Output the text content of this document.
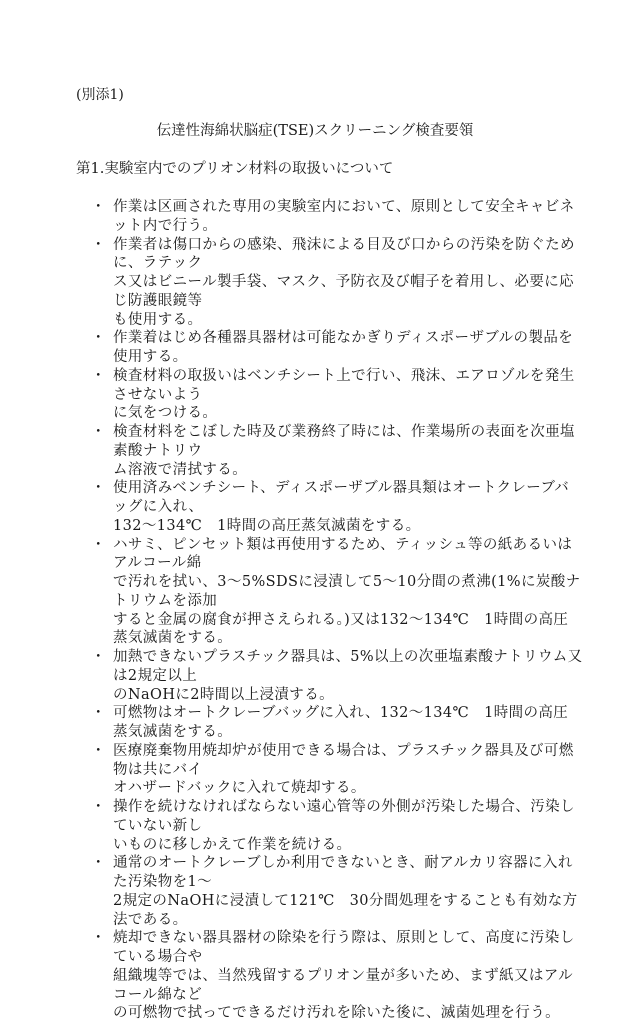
(別添1)
伝達性海綿状脳症(TSE)スクリーニング検査要領
第1.実験室内でのプリオン材料の取扱いについて
・ 作業は区画された専用の実験室内において、原則として安全キャビネット内で行う。
・ 作業者は傷口からの感染、飛沫による目及び口からの汚染を防ぐために、ラテック
ス又はビニール製手袋、マスク、予防衣及び帽子を着用し、必要に応じ防護眼鏡等
も使用する。
・ 作業着はじめ各種器具器材は可能なかぎりディスポーザブルの製品を使用する。
・ 検査材料の取扱いはベンチシート上で行い、飛沫、エアロゾルを発生させないよう
に気をつける。
・ 検査材料をこぼした時及び業務終了時には、作業場所の表面を次亜塩素酸ナトリウ
ム溶液で清拭する。
・ 使用済みベンチシート、ディスポーザブル器具類はオートクレーブバッグに入れ、
132～134℃　1時間の高圧蒸気滅菌をする。
・ ハサミ、ピンセット類は再使用するため、ティッシュ等の紙あるいはアルコール綿
で汚れを拭い、3～5%SDSに浸漬して5～10分間の煮沸(1%に炭酸ナトリウムを添加
すると金属の腐食が押さえられる。)又は132～134℃　1時間の高圧蒸気滅菌をする。
・ 加熱できないプラスチック器具は、5%以上の次亜塩素酸ナトリウム又は2規定以上
のNaOHに2時間以上浸漬する。
・ 可燃物はオートクレーブバッグに入れ、132～134℃　1時間の高圧蒸気滅菌をする。
・ 医療廃棄物用焼却炉が使用できる場合は、プラスチック器具及び可燃物は共にバイ
オハザードバックに入れて焼却する。
・ 操作を続けなければならない遠心管等の外側が汚染した場合、汚染していない新し
いものに移しかえて作業を続ける。
・ 通常のオートクレーブしか利用できないとき、耐アルカリ容器に入れた汚染物を1～
2規定のNaOHに浸漬して121℃　30分間処理をすることも有効な方法である。
・ 焼却できない器具器材の除染を行う際は、原則として、高度に汚染している場合や
組織塊等では、当然残留するプリオン量が多いため、まず紙又はアルコール綿など
の可燃物で拭ってできるだけ汚れを除いた後に、滅菌処理を行う。
